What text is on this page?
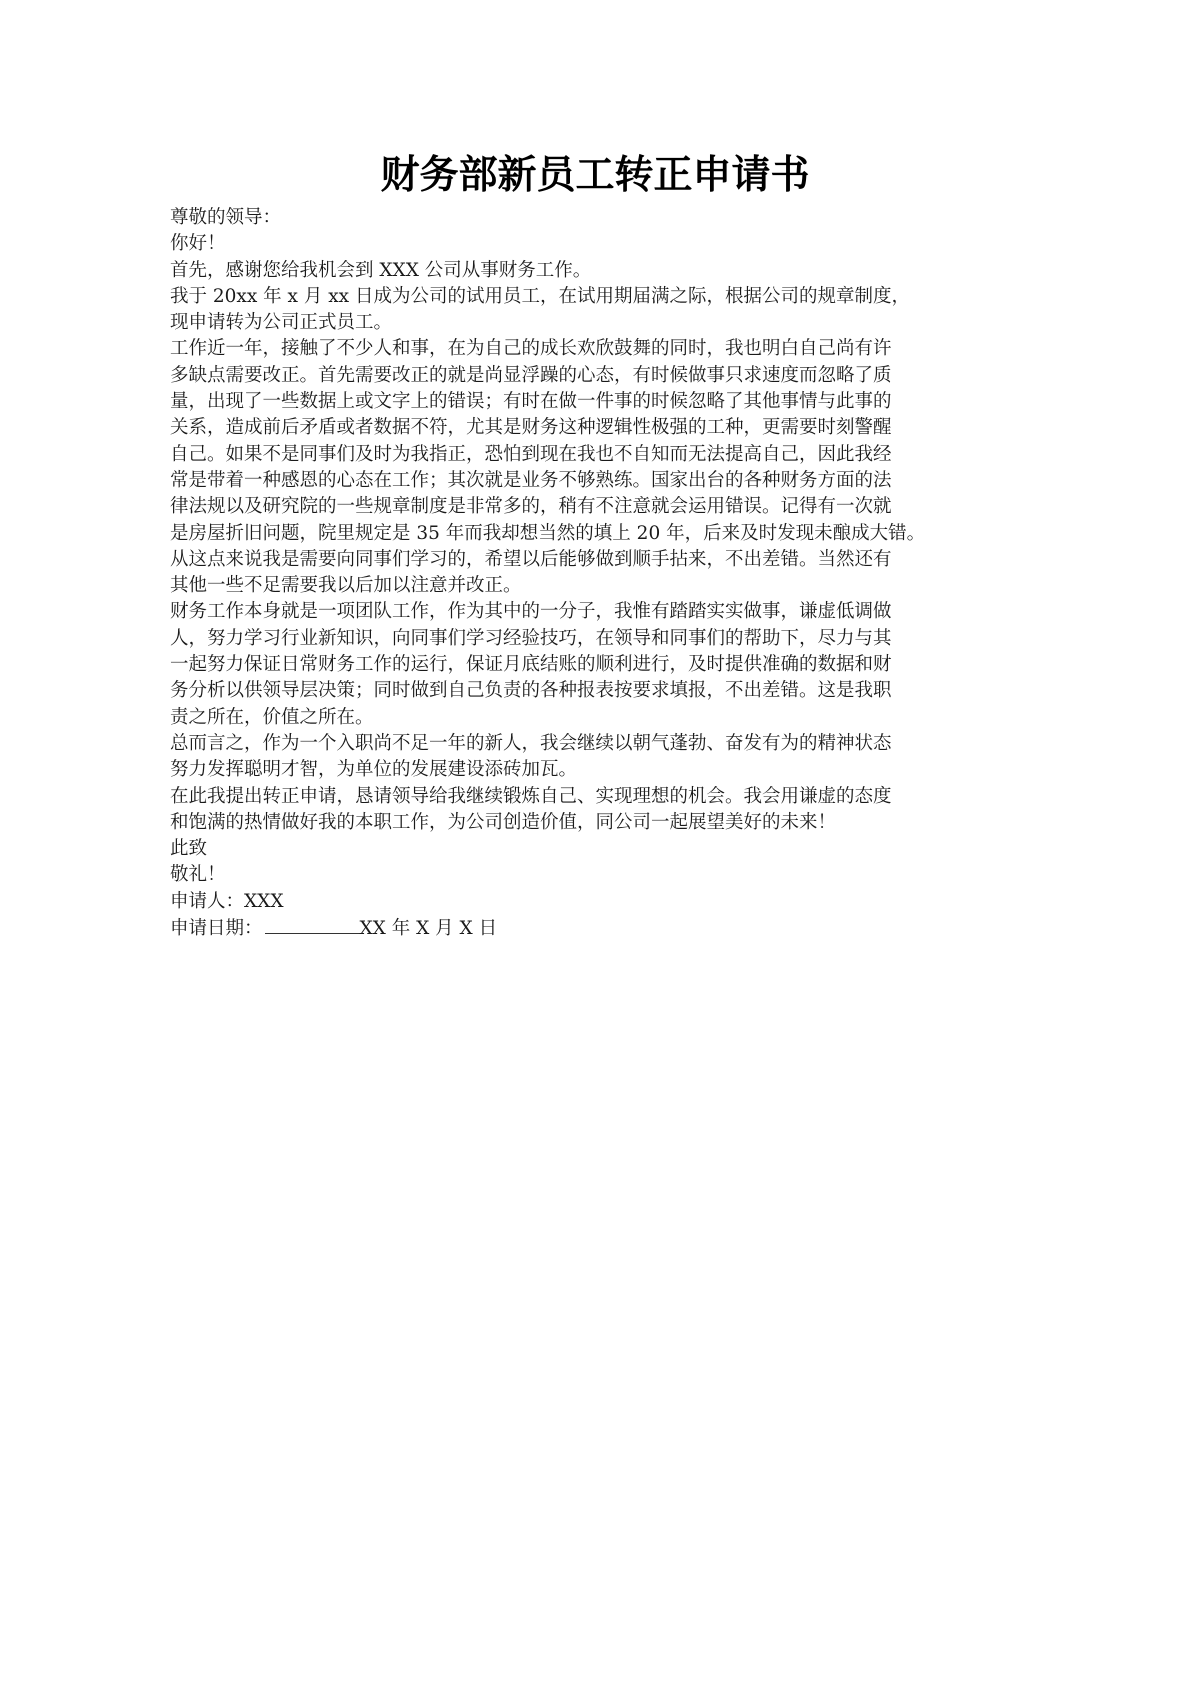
财务部新员工转正申请书
尊敬的领导：
你好！
首先，感谢您给我机会到 XXX 公司从事财务工作。
我于 20xx 年 x 月 xx 日成为公司的试用员工，在试用期届满之际，根据公司的规章制度，
现申请转为公司正式员工。
工作近一年，接触了不少人和事，在为自己的成长欢欣鼓舞的同时，我也明白自己尚有许
多缺点需要改正。首先需要改正的就是尚显浮躁的心态，有时候做事只求速度而忽略了质
量，出现了一些数据上或文字上的错误；有时在做一件事的时候忽略了其他事情与此事的
关系，造成前后矛盾或者数据不符，尤其是财务这种逻辑性极强的工种，更需要时刻警醒
自己。如果不是同事们及时为我指正，恐怕到现在我也不自知而无法提高自己，因此我经
常是带着一种感恩的心态在工作；其次就是业务不够熟练。国家出台的各种财务方面的法
律法规以及研究院的一些规章制度是非常多的，稍有不注意就会运用错误。记得有一次就
是房屋折旧问题，院里规定是 35 年而我却想当然的填上 20 年，后来及时发现未酿成大错。
从这点来说我是需要向同事们学习的，希望以后能够做到顺手拈来，不出差错。当然还有
其他一些不足需要我以后加以注意并改正。
财务工作本身就是一项团队工作，作为其中的一分子，我惟有踏踏实实做事，谦虚低调做
人，努力学习行业新知识，向同事们学习经验技巧，在领导和同事们的帮助下，尽力与其
一起努力保证日常财务工作的运行，保证月底结账的顺利进行，及时提供准确的数据和财
务分析以供领导层决策；同时做到自己负责的各种报表按要求填报，不出差错。这是我职
责之所在，价值之所在。
总而言之，作为一个入职尚不足一年的新人，我会继续以朝气蓬勃、奋发有为的精神状态
努力发挥聪明才智，为单位的发展建设添砖加瓦。
在此我提出转正申请，恳请领导给我继续锻炼自己、实现理想的机会。我会用谦虚的态度
和饱满的热情做好我的本职工作，为公司创造价值，同公司一起展望美好的未来！
此致
敬礼！
申请人：XXX
申请日期：	XX 年 X 月 X 日
